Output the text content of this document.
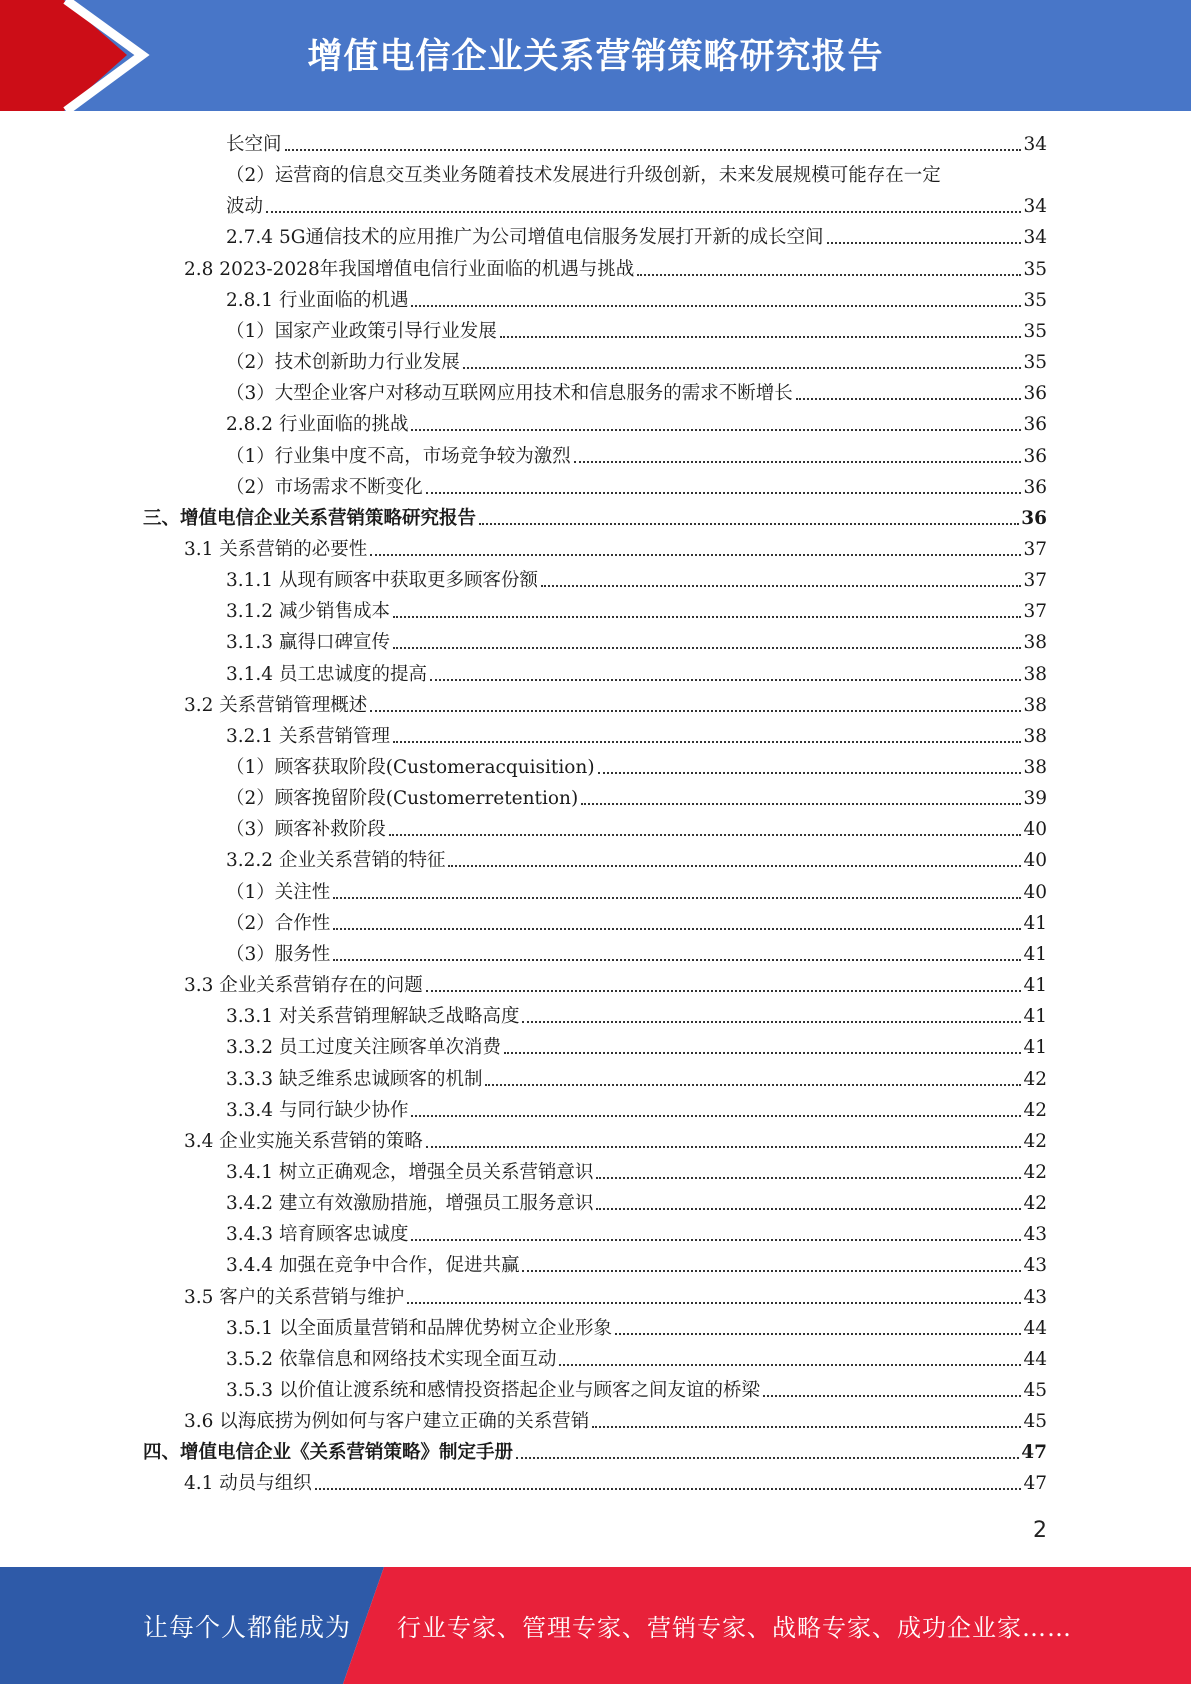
增值电信企业关系营销策略研究报告
长空间	34
（2）运营商的信息交互类业务随着技术发展进行升级创新，未来发展规模可能存在一定
波动	34
2.7.4 5G通信技术的应用推广为公司增值电信服务发展打开新的成长空间	34
2.8 2023-2028年我国增值电信行业面临的机遇与挑战	35
2.8.1 行业面临的机遇	35
（1）国家产业政策引导行业发展	35
（2）技术创新助力行业发展	35
（3）大型企业客户对移动互联网应用技术和信息服务的需求不断增长	36
2.8.2 行业面临的挑战	36
（1）行业集中度不高，市场竞争较为激烈	36
（2）市场需求不断变化	36
三、增值电信企业关系营销策略研究报告	36
3.1 关系营销的必要性	37
3.1.1 从现有顾客中获取更多顾客份额	37
3.1.2 减少销售成本	37
3.1.3 赢得口碑宣传	38
3.1.4 员工忠诚度的提高	38
3.2 关系营销管理概述	38
3.2.1 关系营销管理	38
（1）顾客获取阶段(Customeracquisition)	38
（2）顾客挽留阶段(Customerretention)	39
（3）顾客补救阶段	40
3.2.2 企业关系营销的特征	40
（1）关注性	40
（2）合作性	41
（3）服务性	41
3.3 企业关系营销存在的问题	41
3.3.1 对关系营销理解缺乏战略高度	41
3.3.2 员工过度关注顾客单次消费	41
3.3.3 缺乏维系忠诚顾客的机制	42
3.3.4 与同行缺少协作	42
3.4 企业实施关系营销的策略	42
3.4.1 树立正确观念，增强全员关系营销意识	42
3.4.2 建立有效激励措施，增强员工服务意识	42
3.4.3 培育顾客忠诚度	43
3.4.4 加强在竞争中合作，促进共赢	43
3.5 客户的关系营销与维护	43
3.5.1 以全面质量营销和品牌优势树立企业形象	44
3.5.2 依靠信息和网络技术实现全面互动	44
3.5.3 以价值让渡系统和感情投资搭起企业与顾客之间友谊的桥梁	45
3.6 以海底捞为例如何与客户建立正确的关系营销	45
四、增值电信企业《关系营销策略》制定手册	47
4.1 动员与组织	47
2
让每个人都能成为 行业专家、管理专家、营销专家、战略专家、成功企业家……
